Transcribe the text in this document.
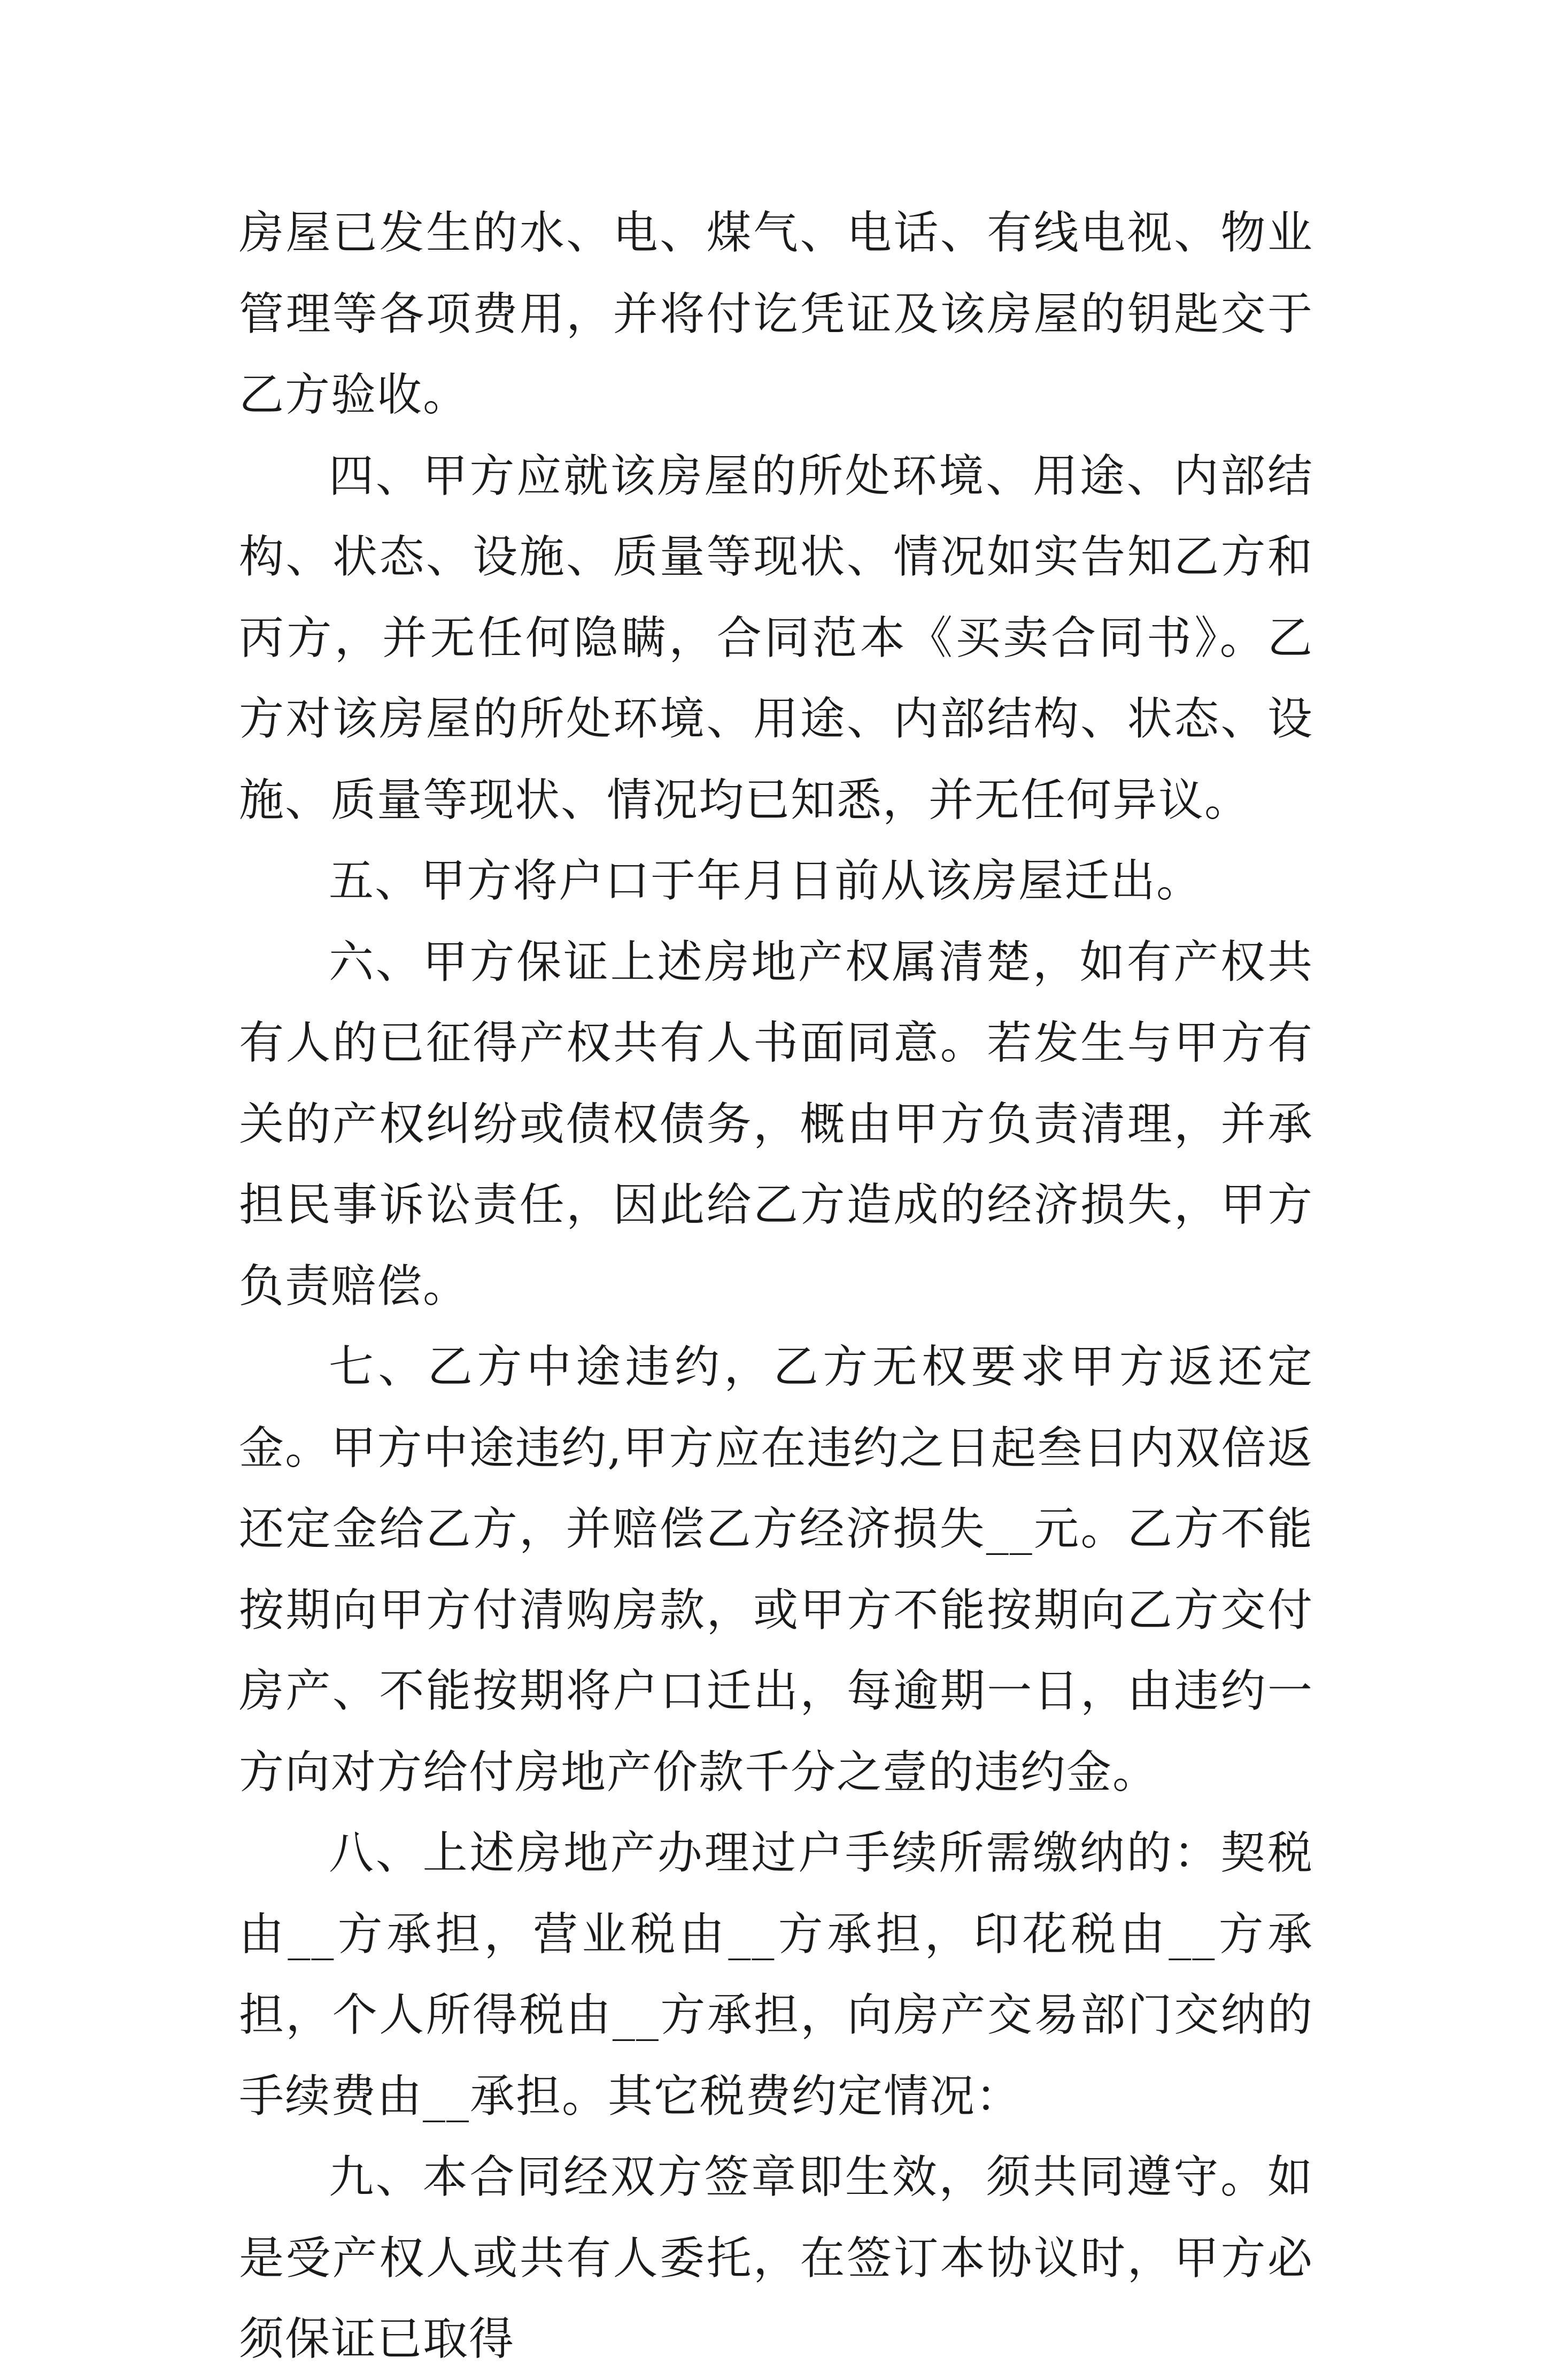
房屋已发生的水、电、煤气、电话、有线电视、物业管理等各项费用，并将付讫凭证及该房屋的钥匙交于乙方验收。

四、甲方应就该房屋的所处环境、用途、内部结构、状态、设施、质量等现状、情况如实告知乙方和丙方，并无任何隐瞒，合同范本《买卖合同书》。乙方对该房屋的所处环境、用途、内部结构、状态、设施、质量等现状、情况均已知悉，并无任何异议。

五、甲方将户口于年月日前从该房屋迁出。

六、甲方保证上述房地产权属清楚，如有产权共有人的已征得产权共有人书面同意。若发生与甲方有关的产权纠纷或债权债务，概由甲方负责清理，并承担民事诉讼责任，因此给乙方造成的经济损失，甲方负责赔偿。

七、乙方中途违约，乙方无权要求甲方返还定金。甲方中途违约,甲方应在违约之日起叁日内双倍返还定金给乙方，并赔偿乙方经济损失__元。乙方不能按期向甲方付清购房款，或甲方不能按期向乙方交付房产、不能按期将户口迁出，每逾期一日，由违约一方向对方给付房地产价款千分之壹的违约金。

八、上述房地产办理过户手续所需缴纳的：契税由__方承担，营业税由__方承担，印花税由__方承担，个人所得税由__方承担，向房产交易部门交纳的手续费由__承担。其它税费约定情况：

九、本合同经双方签章即生效，须共同遵守。如是受产权人或共有人委托，在签订本协议时，甲方必须保证已取得
